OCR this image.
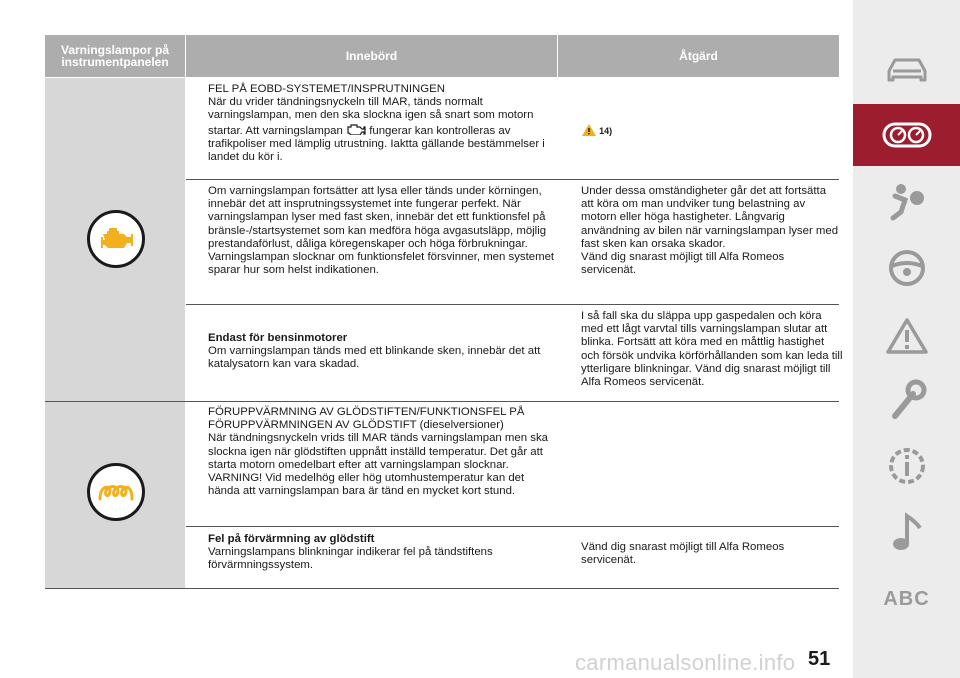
Varningslampor på instrumentpanelen	Innebörd	Åtgärd

FEL PÅ EOBD-SYSTEMET/INSPRUTNINGEN

När du vrider tändningsnyckeln till MAR, tänds normalt varningslampan, men den ska slockna igen så snart som motorn startar. Att varningslampan fungerar kan kontrolleras av trafikpoliser med lämplig utrustning. Iaktta gällande bestämmelser i landet du kör i.

14)

Om varningslampan fortsätter att lysa eller tänds under körningen, innebär det att insprutningssystemet inte fungerar perfekt. När varningslampan lyser med fast sken, innebär det ett funktionsfel på bränsle-/startsystemet som kan medföra höga avgasutsläpp, möjlig prestandaförlust, dåliga köregenskaper och höga förbrukningar.

Varningslampan slocknar om funktionsfelet försvinner, men systemet sparar hur som helst indikationen.

Under dessa omständigheter går det att fortsätta att köra om man undviker tung belastning av motorn eller höga hastigheter. Långvarig användning av bilen när varningslampan lyser med fast sken kan orsaka skador.

Vänd dig snarast möjligt till Alfa Romeos servicenät.

Endast för bensinmotorer

Om varningslampan tänds med ett blinkande sken, innebär det att katalysatorn kan vara skadad.

I så fall ska du släppa upp gaspedalen och köra med ett lågt varvtal tills varningslampan slutar att blinka. Fortsätt att köra med en måttlig hastighet och försök undvika körförhållanden som kan leda till ytterligare blinkningar. Vänd dig snarast möjligt till Alfa Romeos servicenät.

FÖRUPPVÄRMNING AV GLÖDSTIFTEN/FUNKTIONSFEL PÅ FÖRUPPVÄRMNINGEN AV GLÖDSTIFT (dieselversioner)

När tändningsnyckeln vrids till MAR tänds varningslampan men ska slockna igen när glödstiften uppnått inställd temperatur. Det går att starta motorn omedelbart efter att varningslampan slocknar.

VARNING! Vid medelhög eller hög utomhustemperatur kan det hända att varningslampan bara är tänd en mycket kort stund.

Fel på förvärmning av glödstift

Varningslampans blinkningar indikerar fel på tändstiftens förvärmningssystem.

Vänd dig snarast möjligt till Alfa Romeos servicenät.

ABC
carmanualsonline.info 51
